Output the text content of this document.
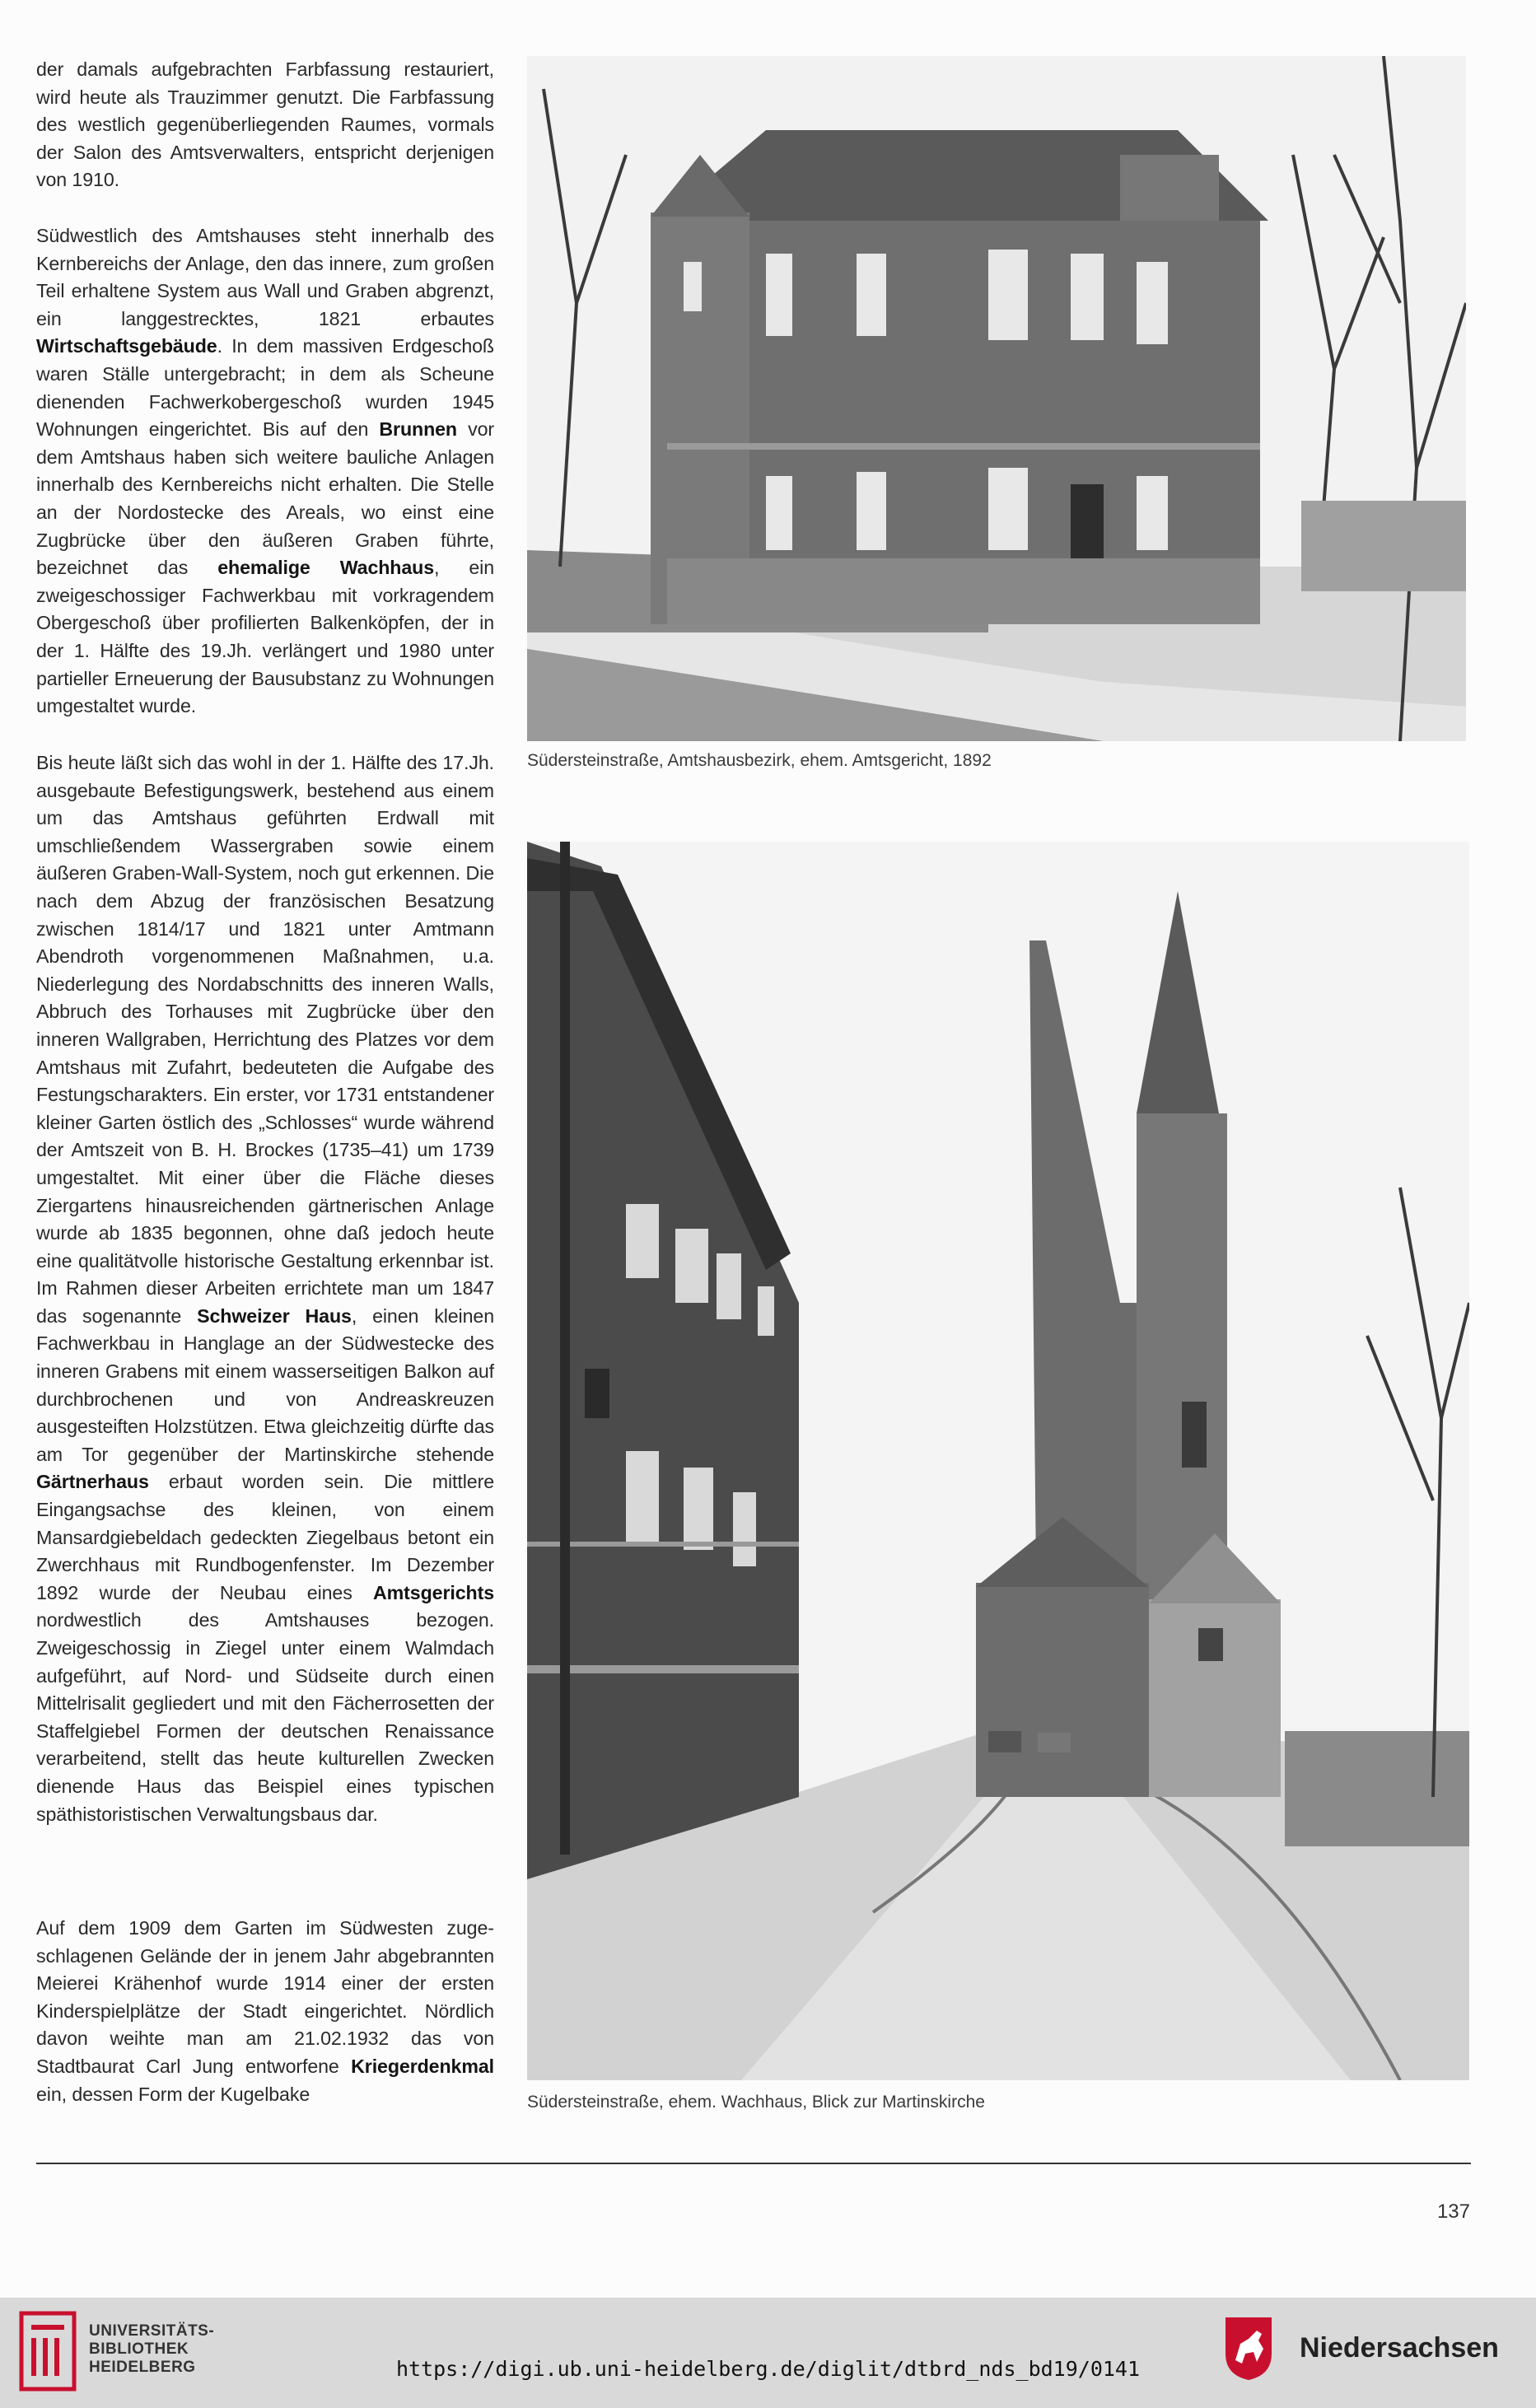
der damals aufgebrachten Farbfassung restauriert, wird heute als Trauzimmer genutzt. Die Farbfassung des westlich gegenüberliegenden Raumes, vormals der Salon des Amtsverwalters, entspricht derjenigen von 1910.

Südwestlich des Amtshauses steht innerhalb des Kernbereichs der Anlage, den das innere, zum großen Teil erhaltene System aus Wall und Graben abgrenzt, ein langgestrecktes, 1821 erbautes Wirtschaftsgebäude. In dem massiven Erdgeschoß waren Ställe untergebracht; in dem als Scheune dienenden Fachwerkobergeschoß wurden 1945 Wohnungen eingerichtet. Bis auf den Brunnen vor dem Amtshaus haben sich weitere bauliche Anlagen innerhalb des Kernbereichs nicht erhalten. Die Stelle an der Nordostecke des Areals, wo einst eine Zugbrücke über den äußeren Graben führte, bezeichnet das ehemalige Wachhaus, ein zweigeschossiger Fachwerkbau mit vorkragendem Obergeschoß über profilierten Balkenköpfen, der in der 1. Hälfte des 19.Jh. verlängert und 1980 unter partieller Erneuerung der Bausubstanz zu Wohnungen umgestaltet wurde.

Bis heute läßt sich das wohl in der 1. Hälfte des 17.Jh. ausgebaute Befestigungswerk, bestehend aus einem um das Amtshaus geführten Erdwall mit umschließendem Wassergraben sowie einem äußeren Graben-Wall-System, noch gut erkennen. Die nach dem Abzug der französischen Besatzung zwischen 1814/17 und 1821 unter Amtmann Abendroth vorgenommenen Maßnahmen, u.a. Niederlegung des Nordabschnitts des inneren Walls, Abbruch des Torhauses mit Zugbrücke über den inneren Wallgraben, Herrichtung des Platzes vor dem Amtshaus mit Zufahrt, bedeuteten die Aufgabe des Festungscharakters. Ein erster, vor 1731 entstandener kleiner Garten östlich des „Schlosses“ wurde während der Amtszeit von B. H. Brockes (1735–41) um 1739 umgestaltet. Mit einer über die Fläche dieses Ziergartens hinausreichenden gärtnerischen Anlage wurde ab 1835 begonnen, ohne daß jedoch heute eine qualitätvolle historische Gestaltung erkennbar ist. Im Rahmen dieser Arbeiten errichtete man um 1847 das sogenannte Schweizer Haus, einen kleinen Fachwerkbau in Hanglage an der Südwestecke des inneren Grabens mit einem wasserseitigen Balkon auf durchbrochenen und von Andreaskreuzen ausgesteiften Holzstützen. Etwa gleichzeitig dürfte das am Tor gegenüber der Martinskirche stehende Gärtnerhaus erbaut worden sein. Die mittlere Eingangsachse des kleinen, von einem Mansardgiebeldach gedeckten Ziegelbaus betont ein Zwerchhaus mit Rundbogenfenster. Im Dezember 1892 wurde der Neubau eines Amtsgerichts nordwestlich des Amtshauses bezogen. Zweigeschossig in Ziegel unter einem Walmdach aufgeführt, auf Nord- und Südseite durch einen Mittelrisalit gegliedert und mit den Fächerrosetten der Staffelgiebel Formen der deutschen Renaissance verarbeitend, stellt das heute kulturellen Zwecken dienende Haus das Beispiel eines typischen späthistoristischen Verwaltungsbaus dar.

Auf dem 1909 dem Garten im Südwesten zugeschlagenen Gelände der in jenem Jahr abgebrannten Meierei Krähenhof wurde 1914 einer der ersten Kinderspielplätze der Stadt eingerichtet. Nördlich davon weihte man am 21.02.1932 das von Stadtbaurat Carl Jung entworfene Kriegerdenkmal ein, dessen Form der Kugelbake

Südersteinstraße, Amtshausbezirk, ehem. Amtsgericht, 1892
Südersteinstraße, ehem. Wachhaus, Blick zur Martinskirche
137
UNIVERSITÄTS-
BIBLIOTHEK
HEIDELBERG	https://digi.ub.uni-heidelberg.de/diglit/dtbrd_nds_bd19/0141
Niedersachsen
